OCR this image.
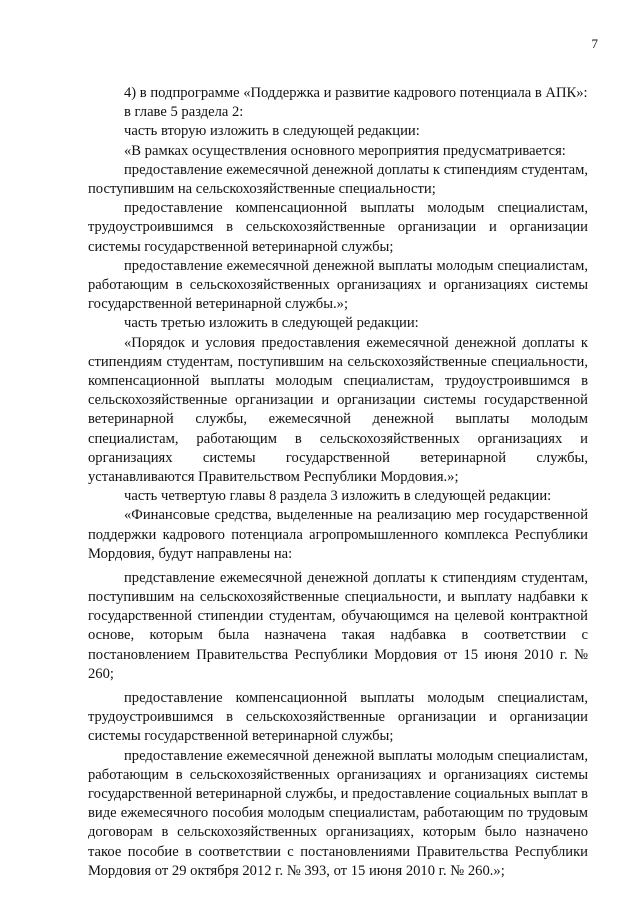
7

4) в подпрограмме «Поддержка и развитие кадрового потенциала в АПК»:

в главе 5 раздела 2:

часть вторую изложить в следующей редакции:

«В рамках осуществления основного мероприятия предусматривается:

предоставление ежемесячной денежной доплаты к стипендиям студентам, поступившим на сельскохозяйственные специальности;

предоставление компенсационной выплаты молодым специалистам, трудоустроившимся в сельскохозяйственные организации и организации системы государственной ветеринарной службы;

предоставление ежемесячной денежной выплаты молодым специалистам, работающим в сельскохозяйственных организациях и организациях системы государственной ветеринарной службы.»;

часть третью изложить в следующей редакции:

«Порядок и условия предоставления ежемесячной денежной доплаты к стипендиям студентам, поступившим на сельскохозяйственные специальности, компенсационной выплаты молодым специалистам, трудоустроившимся в сельскохозяйственные организации и организации системы государственной ветеринарной службы, ежемесячной денежной выплаты молодым специалистам, работающим в сельскохозяйственных организациях и организациях системы государственной ветеринарной службы, устанавливаются Правительством Республики Мордовия.»;

часть четвертую главы 8 раздела 3 изложить в следующей редакции:

«Финансовые средства, выделенные на реализацию мер государственной поддержки кадрового потенциала агропромышленного комплекса Республики Мордовия, будут направлены на:

представление ежемесячной денежной доплаты к стипендиям студентам, поступившим на сельскохозяйственные специальности, и выплату надбавки к государственной стипендии студентам, обучающимся на целевой контрактной основе, которым была назначена такая надбавка в соответствии с постановлением Правительства Республики Мордовия от 15 июня 2010 г. № 260;

предоставление компенсационной выплаты молодым специалистам, трудоустроившимся в сельскохозяйственные организации и организации системы государственной ветеринарной службы;

предоставление ежемесячной денежной выплаты молодым специалистам, работающим в сельскохозяйственных организациях и организациях системы государственной ветеринарной службы, и предоставление социальных выплат в виде ежемесячного пособия молодым специалистам, работающим по трудовым договорам в сельскохозяйственных организациях, которым было назначено такое пособие в соответствии с постановлениями Правительства Республики Мордовия от 29 октября 2012 г. № 393, от 15 июня 2010 г. № 260.»;
